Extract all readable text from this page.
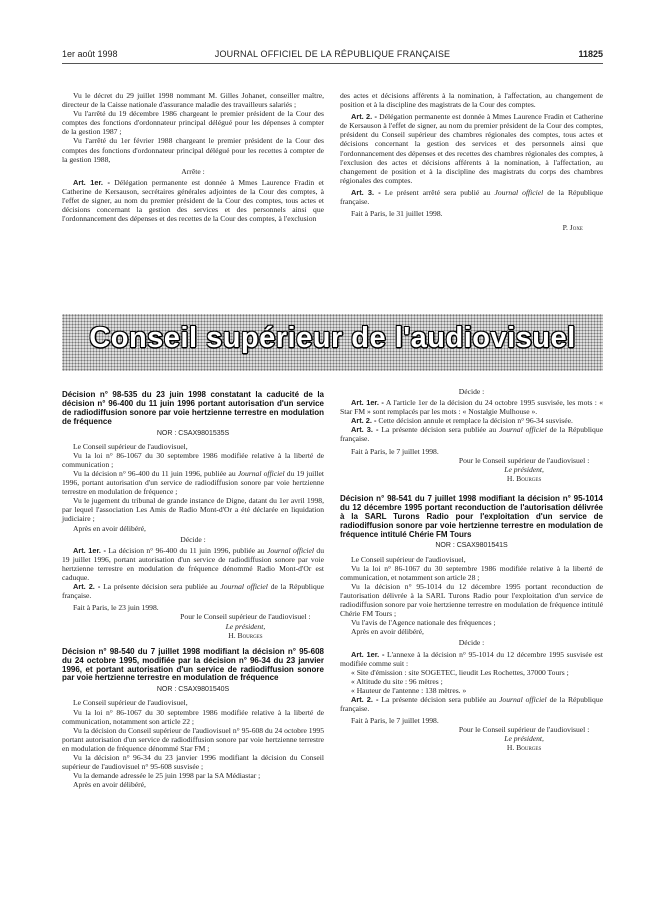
1er août 1998	JOURNAL OFFICIEL DE LA RÉPUBLIQUE FRANÇAISE	11825

Vu le décret du 29 juillet 1998 nommant M. Gilles Johanet, conseiller maître, directeur de la Caisse nationale d'assurance maladie des travailleurs salariés ;

Vu l'arrêté du 19 décembre 1986 chargeant le premier président de la Cour des comptes des fonctions d'ordonnateur principal délégué pour les dépenses à compter de la gestion 1987 ;

Vu l'arrêté du 1er février 1988 chargeant le premier président de la Cour des comptes des fonctions d'ordonnateur principal délégué pour les recettes à compter de la gestion 1988,

Arrête :

Art. 1er. - Délégation permanente est donnée à Mmes Laurence Fradin et Catherine de Kersauson, secrétaires générales adjointes de la Cour des comptes, à l'effet de signer, au nom du premier président de la Cour des comptes, tous actes et décisions concernant la gestion des services et des personnels ainsi que l'ordonnancement des dépenses et des recettes de la Cour des comptes, à l'exclusion

des actes et décisions afférents à la nomination, à l'affectation, au changement de position et à la discipline des magistrats de la Cour des comptes.

Art. 2. - Délégation permanente est donnée à Mmes Laurence Fradin et Catherine de Kersauson à l'effet de signer, au nom du premier président de la Cour des comptes, président du Conseil supérieur des chambres régionales des comptes, tous actes et décisions concernant la gestion des services et des personnels ainsi que l'ordonnancement des dépenses et des recettes des chambres régionales des comptes, à l'exclusion des actes et décisions afférents à la nomination, à l'affectation, au changement de position et à la discipline des magistrats du corps des chambres régionales des comptes.

Art. 3. - Le présent arrêté sera publié au Journal officiel de la République française.

Fait à Paris, le 31 juillet 1998.

P. Joxe

Conseil supérieur de l'audiovisuel
Décision n° 98-535 du 23 juin 1998 constatant la caducité de la décision n° 96-400 du 11 juin 1996 portant autorisation d'un service de radiodiffusion sonore par voie hertzienne terrestre en modulation de fréquence

NOR : CSAX9801535S

Le Conseil supérieur de l'audiovisuel,

Vu la loi n° 86-1067 du 30 septembre 1986 modifiée relative à la liberté de communication ;

Vu la décision n° 96-400 du 11 juin 1996, publiée au Journal officiel du 19 juillet 1996, portant autorisation d'un service de radiodiffusion sonore par voie hertzienne terrestre en modulation de fréquence ;

Vu le jugement du tribunal de grande instance de Digne, datant du 1er avril 1998, par lequel l'association Les Amis de Radio Mont-d'Or a été déclarée en liquidation judiciaire ;

Après en avoir délibéré,

Décide :

Art. 1er. - La décision n° 96-400 du 11 juin 1996, publiée au Journal officiel du 19 juillet 1996, portant autorisation d'un service de radiodiffusion sonore par voie hertzienne terrestre en modulation de fréquence dénommé Radio Mont-d'Or est caduque.

Art. 2. - La présente décision sera publiée au Journal officiel de la République française.

Fait à Paris, le 23 juin 1998.

Pour le Conseil supérieur de l'audiovisuel :

Le président,

H. Bourges

Décision n° 98-540 du 7 juillet 1998 modifiant la décision n° 95-608 du 24 octobre 1995, modifiée par la décision n° 96-34 du 23 janvier 1996, et portant autorisation d'un service de radiodiffusion sonore par voie hertzienne terrestre en modulation de fréquence

NOR : CSAX9801540S

Le Conseil supérieur de l'audiovisuel,

Vu la loi n° 86-1067 du 30 septembre 1986 modifiée relative à la liberté de communication, notamment son article 22 ;

Vu la décision du Conseil supérieur de l'audiovisuel n° 95-608 du 24 octobre 1995 portant autorisation d'un service de radiodiffusion sonore par voie hertzienne terrestre en modulation de fréquence dénommé Star FM ;

Vu la décision n° 96-34 du 23 janvier 1996 modifiant la décision du Conseil supérieur de l'audiovisuel n° 95-608 susvisée ;

Vu la demande adressée le 25 juin 1998 par la SA Médiastar ;

Après en avoir délibéré,

Décide :

Art. 1er. - A l'article 1er de la décision du 24 octobre 1995 susvisée, les mots : « Star FM » sont remplacés par les mots : « Nostalgie Mulhouse ».

Art. 2. - Cette décision annule et remplace la décision n° 96-34 susvisée.

Art. 3. - La présente décision sera publiée au Journal officiel de la République française.

Fait à Paris, le 7 juillet 1998.

Pour le Conseil supérieur de l'audiovisuel :

Le président,

H. Bourges

Décision n° 98-541 du 7 juillet 1998 modifiant la décision n° 95-1014 du 12 décembre 1995 portant reconduction de l'autorisation délivrée à la SARL Turons Radio pour l'exploitation d'un service de radiodiffusion sonore par voie hertzienne terrestre en modulation de fréquence intitulé Chérie FM Tours

NOR : CSAX9801541S

Le Conseil supérieur de l'audiovisuel,

Vu la loi n° 86-1067 du 30 septembre 1986 modifiée relative à la liberté de communication, et notamment son article 28 ;

Vu la décision n° 95-1014 du 12 décembre 1995 portant reconduction de l'autorisation délivrée à la SARL Turons Radio pour l'exploitation d'un service de radiodiffusion sonore par voie hertzienne terrestre en modulation de fréquence intitulé Chérie FM Tours ;

Vu l'avis de l'Agence nationale des fréquences ;

Après en avoir délibéré,

Décide :

Art. 1er. - L'annexe à la décision n° 95-1014 du 12 décembre 1995 susvisée est modifiée comme suit :

« Site d'émission : site SOGETEC, lieudit Les Rochettes, 37000 Tours ;

« Altitude du site : 96 mètres ;

« Hauteur de l'antenne : 138 mètres. »

Art. 2. - La présente décision sera publiée au Journal officiel de la République française.

Fait à Paris, le 7 juillet 1998.

Pour le Conseil supérieur de l'audiovisuel :

Le président,

H. Bourges
